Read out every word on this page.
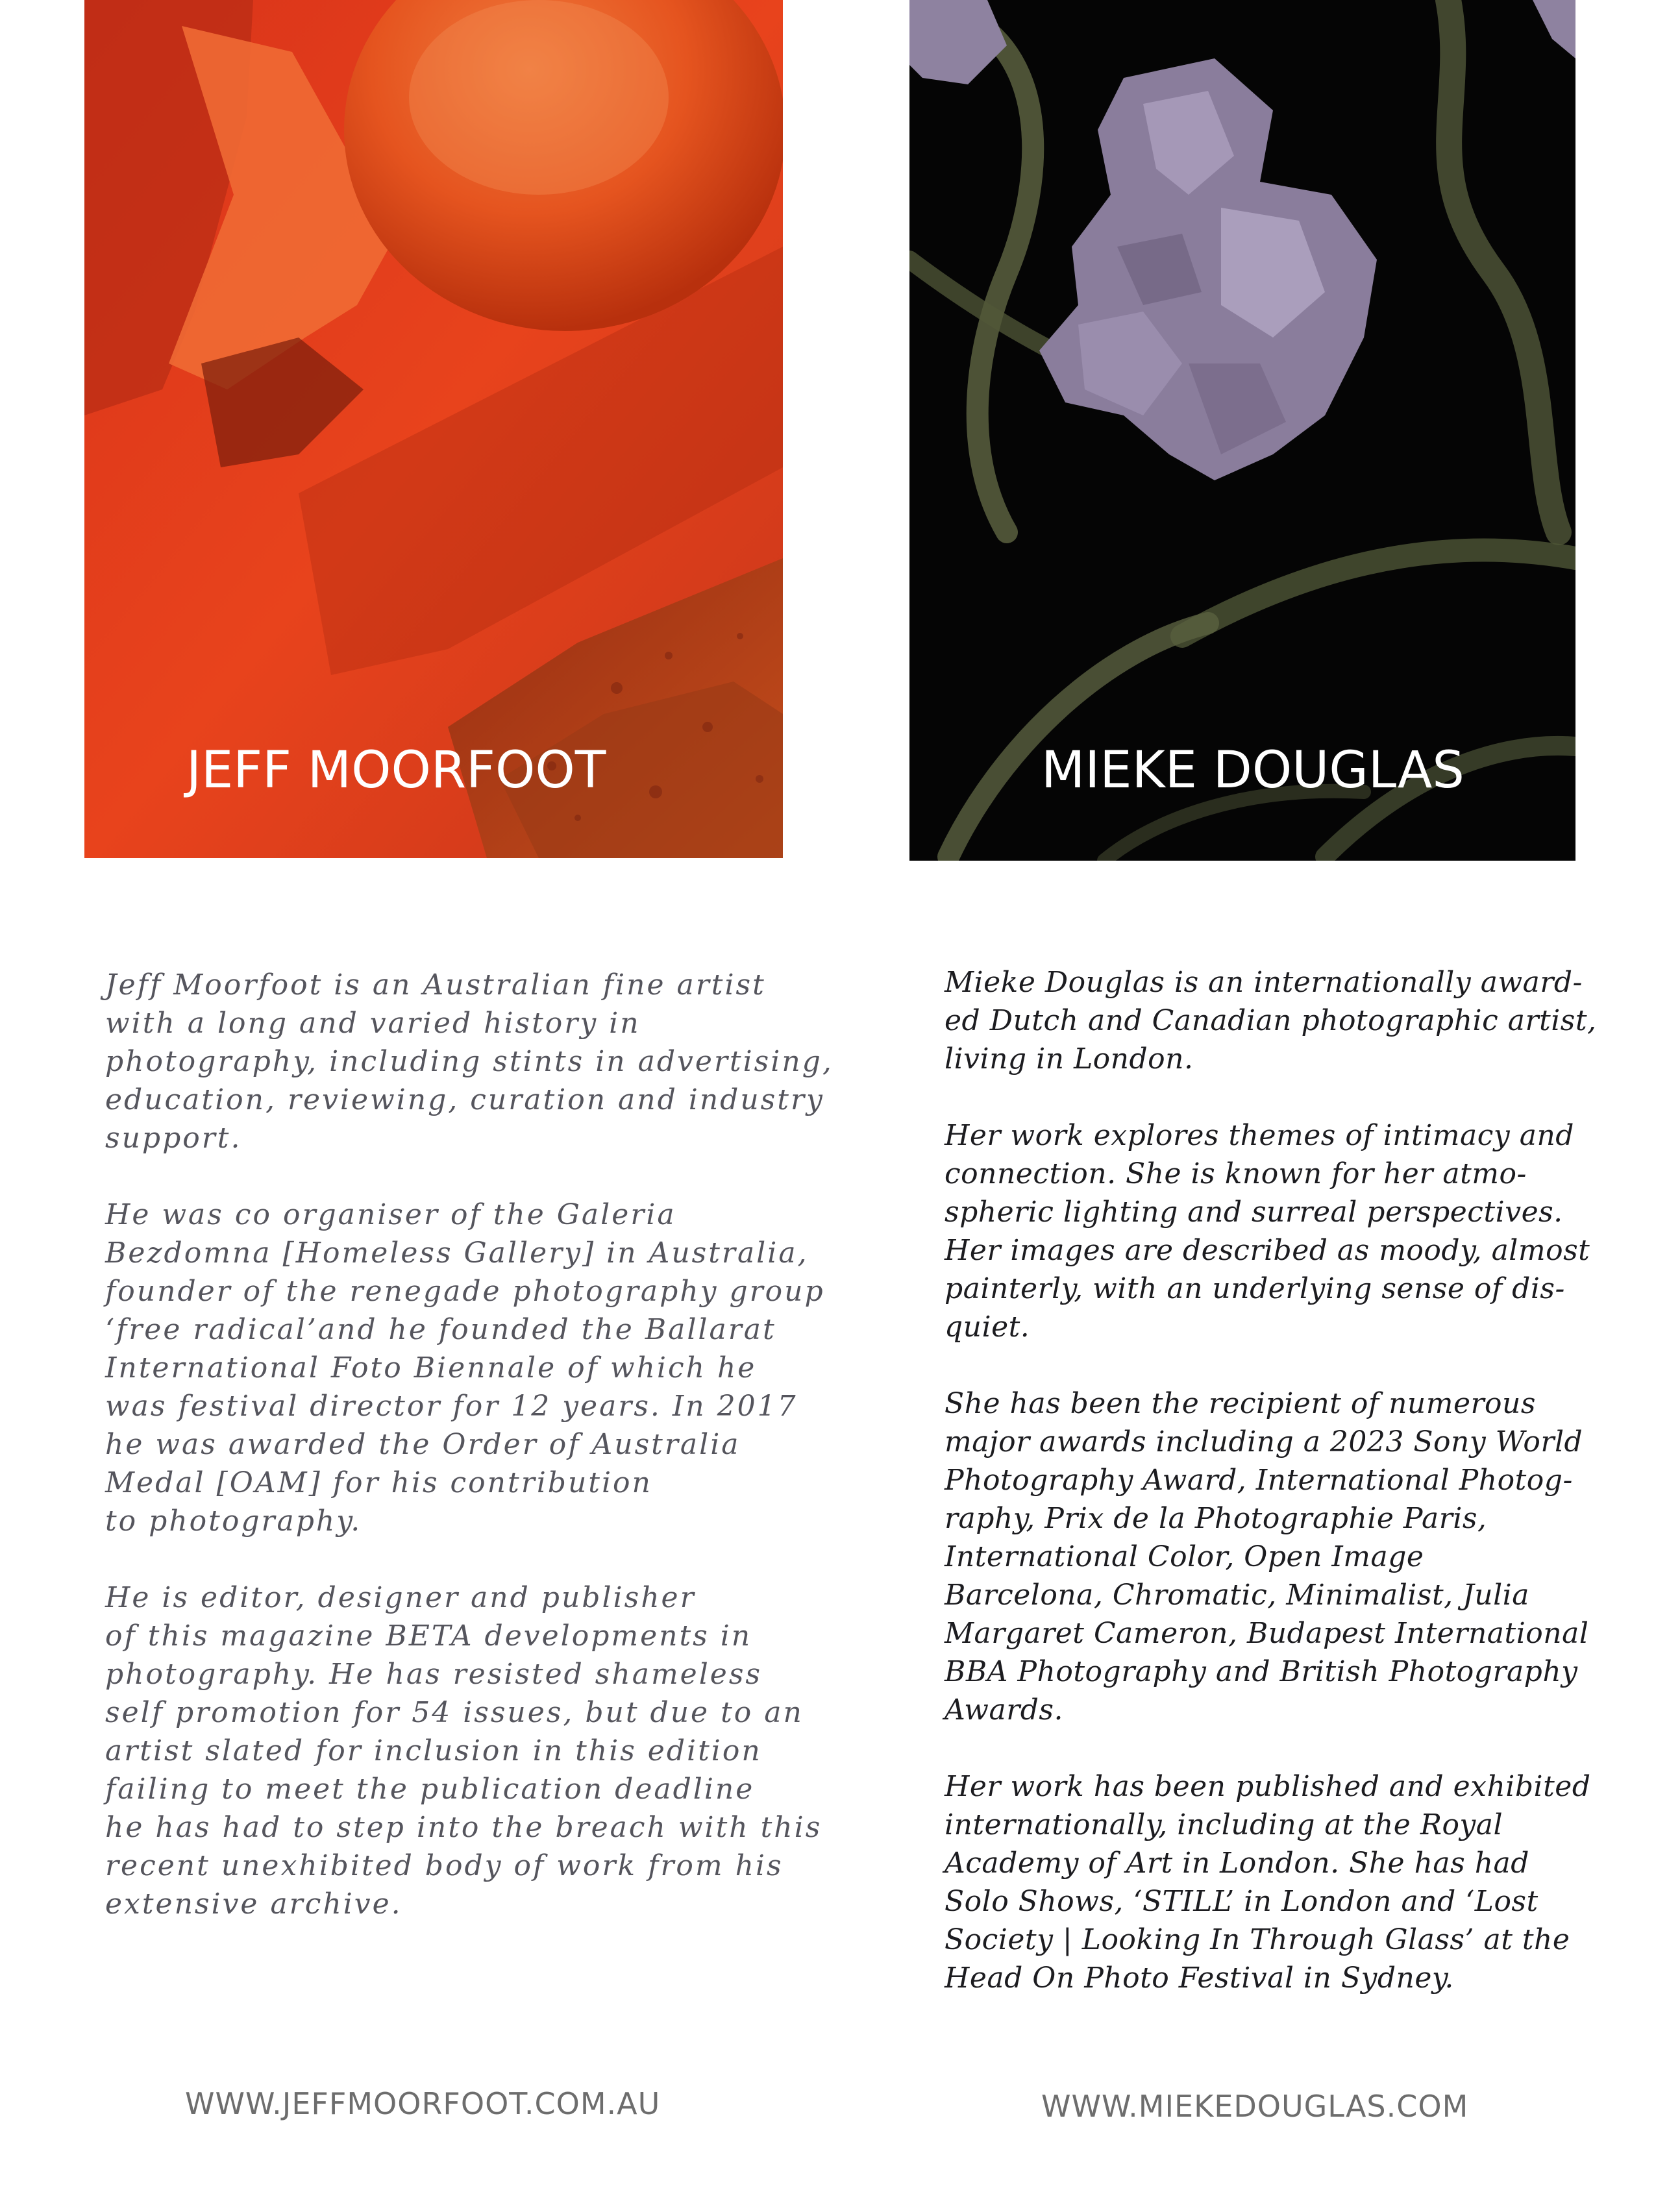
JEFF MOORFOOT	MIEKE DOUGLAS

Jeff Moorfoot is an Australian fine artist
with a long and varied history in
photography, including stints in advertising,
education, reviewing, curation and industry
support.

He was co organiser of the Galeria
Bezdomna [Homeless Gallery] in Australia,
founder of the renegade photography group
‘free radical’and he founded the Ballarat
International Foto Biennale of which he
was festival director for 12 years. In 2017
he was awarded the Order of Australia
Medal [OAM] for his contribution
to photography.

He is editor, designer and publisher
of this magazine BETA developments in
photography. He has resisted shameless
self promotion for 54 issues, but due to an
artist slated for inclusion in this edition
failing to meet the publication deadline
he has had to step into the breach with this
recent unexhibited body of work from his
extensive archive.

Mieke Douglas is an internationally award-
ed Dutch and Canadian photographic artist,
living in London.

Her work explores themes of intimacy and
connection. She is known for her atmo-
spheric lighting and surreal perspectives.
Her images are described as moody, almost
painterly, with an underlying sense of dis-
quiet.

She has been the recipient of numerous
major awards including a 2023 Sony World
Photography Award, International Photog-
raphy, Prix de la Photographie Paris,
International Color, Open Image
Barcelona, Chromatic, Minimalist, Julia
Margaret Cameron, Budapest International
BBA Photography and British Photography
Awards.

Her work has been published and exhibited
internationally, including at the Royal
Academy of Art in London. She has had
Solo Shows, ‘STILL’ in London and ‘Lost
Society | Looking In Through Glass’ at the
Head On Photo Festival in Sydney.

WWW.JEFFMOORFOOT.COM.AU	WWW.MIEKEDOUGLAS.COM
